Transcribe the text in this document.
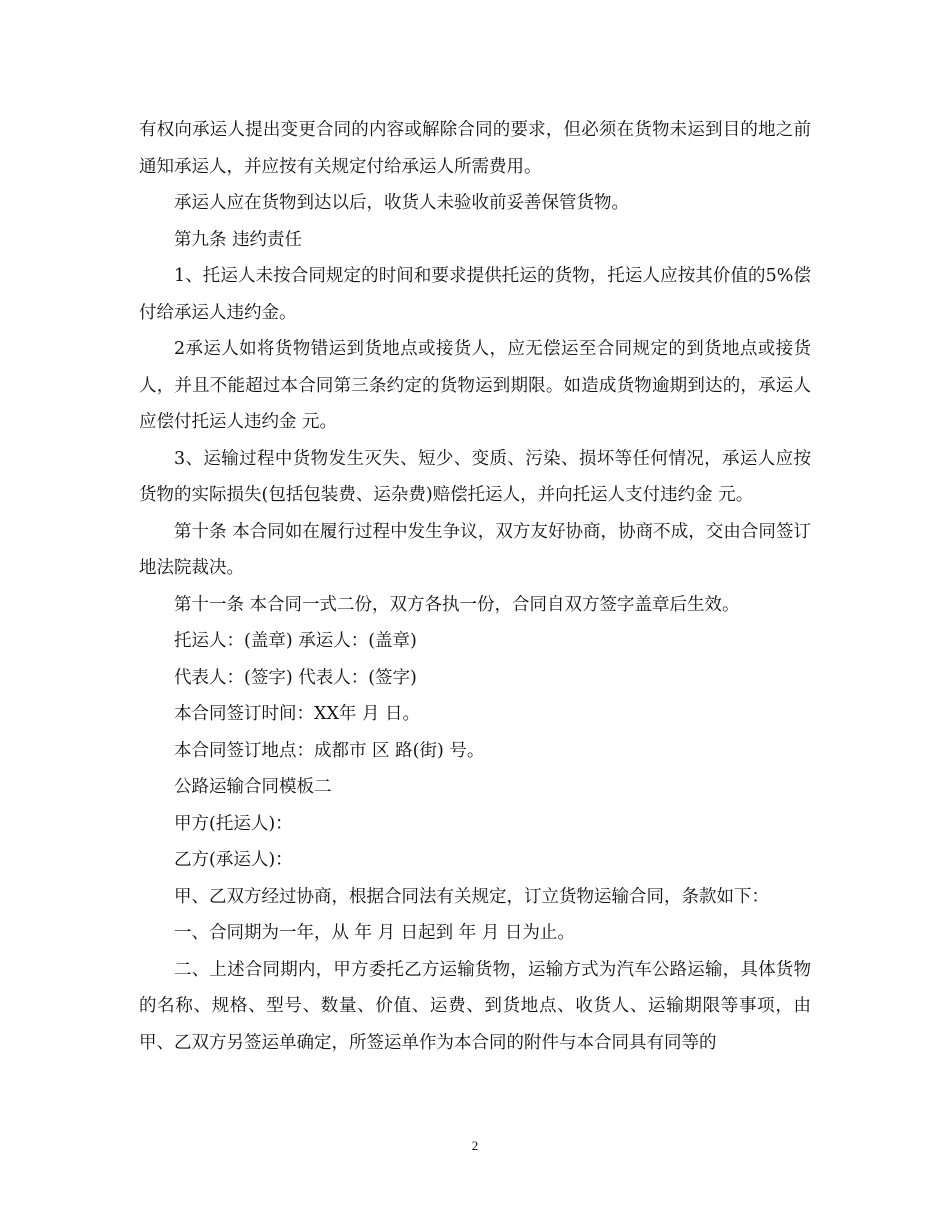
有权向承运人提出变更合同的内容或解除合同的要求，但必须在货物未运到目的地之前通知承运人，并应按有关规定付给承运人所需费用。

承运人应在货物到达以后，收货人未验收前妥善保管货物。

第九条 违约责任

1、托运人未按合同规定的时间和要求提供托运的货物，托运人应按其价值的5%偿付给承运人违约金。

2承运人如将货物错运到货地点或接货人，应无偿运至合同规定的到货地点或接货人，并且不能超过本合同第三条约定的货物运到期限。如造成货物逾期到达的，承运人应偿付托运人违约金 元。

3、运输过程中货物发生灭失、短少、变质、污染、损坏等任何情况，承运人应按货物的实际损失(包括包装费、运杂费)赔偿托运人，并向托运人支付违约金 元。

第十条 本合同如在履行过程中发生争议，双方友好协商，协商不成，交由合同签订地法院裁决。

第十一条 本合同一式二份，双方各执一份，合同自双方签字盖章后生效。

托运人：(盖章) 承运人：(盖章)

代表人：(签字) 代表人：(签字)

本合同签订时间：XX年 月 日。

本合同签订地点：成都市 区 路(街) 号。

公路运输合同模板二

甲方(托运人)：

乙方(承运人)：

甲、乙双方经过协商，根据合同法有关规定，订立货物运输合同，条款如下：

一、合同期为一年，从 年 月 日起到 年 月 日为止。

二、上述合同期内，甲方委托乙方运输货物，运输方式为汽车公路运输，具体货物的名称、规格、型号、数量、价值、运费、到货地点、收货人、运输期限等事项，由甲、乙双方另签运单确定，所签运单作为本合同的附件与本合同具有同等的

2
